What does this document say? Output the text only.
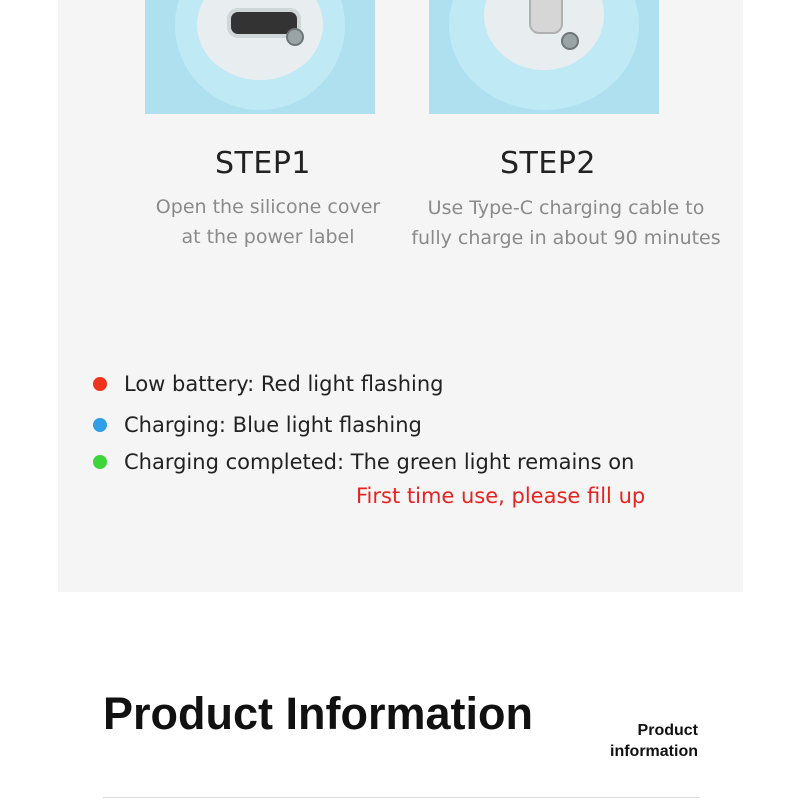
STEP1
Open the silicone cover
at the power label
STEP2
Use Type-C charging cable to
fully charge in about 90 minutes
Low battery: Red light flashing
Charging: Blue light flashing
Charging completed: The green light remains on
First time use, please fill up
Product Information	Product
information
